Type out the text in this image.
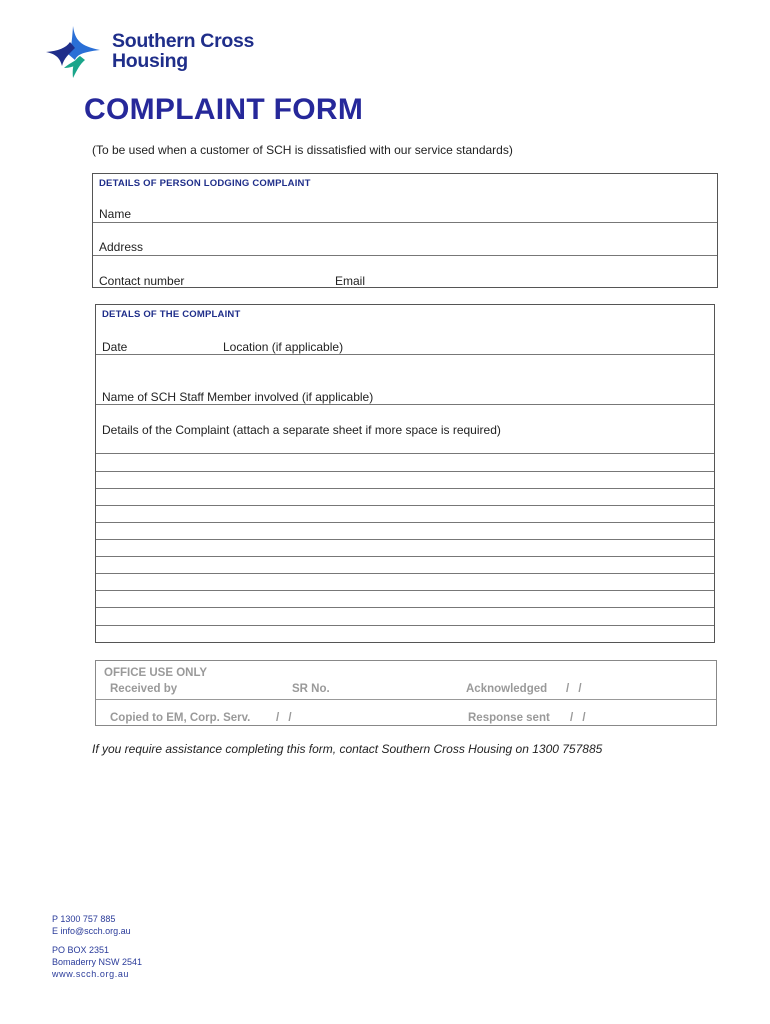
Southern Cross
Housing
COMPLAINT FORM
(To be used when a customer of SCH is dissatisfied with our service standards)
DETAILS OF PERSON LODGING COMPLAINT
Name
Address
Contact number	Email
DETALS OF THE COMPLAINT
Date	Location (if applicable)
Name of SCH Staff Member involved (if applicable)
Details of the Complaint (attach a separate sheet if more space is required)
OFFICE USE ONLY
Received by	SR No.	Acknowledged / /
Copied to EM, Corp. Serv. / /	Response sent / /
If you require assistance completing this form, contact Southern Cross Housing on 1300 757885
P 1300 757 885
E info@scch.org.au
PO BOX 2351
Bomaderry NSW 2541
www.scch.org.au
